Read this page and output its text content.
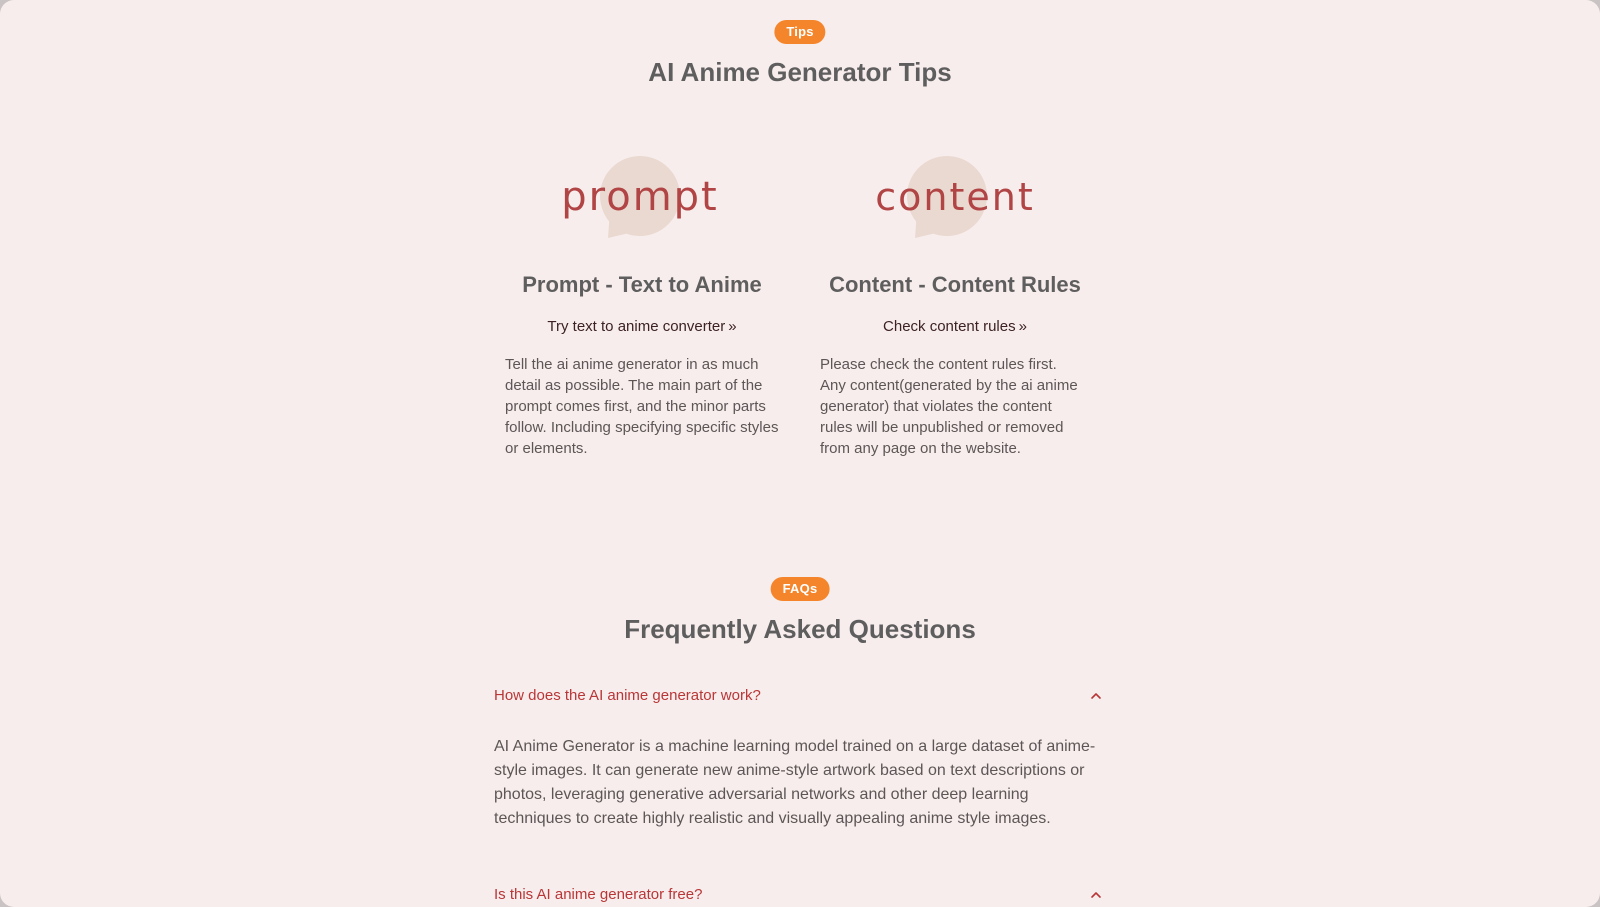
Tips
AI Anime Generator Tips
prompt
Prompt - Text to Anime
Try text to anime converter »

Tell the ai anime generator in as much detail as possible. The main part of the prompt comes first, and the minor parts follow. Including specifying specific styles or elements.

content
Content - Content Rules
Check content rules »

Please check the content rules first. Any content(generated by the ai anime generator) that violates the content rules will be unpublished or removed from any page on the website.

FAQs
Frequently Asked Questions
How does the AI anime generator work?

AI Anime Generator is a machine learning model trained on a large dataset of anime-style images. It can generate new anime-style artwork based on text descriptions or photos, leveraging generative adversarial networks and other deep learning techniques to create highly realistic and visually appealing anime style images.

Is this AI anime generator free?
